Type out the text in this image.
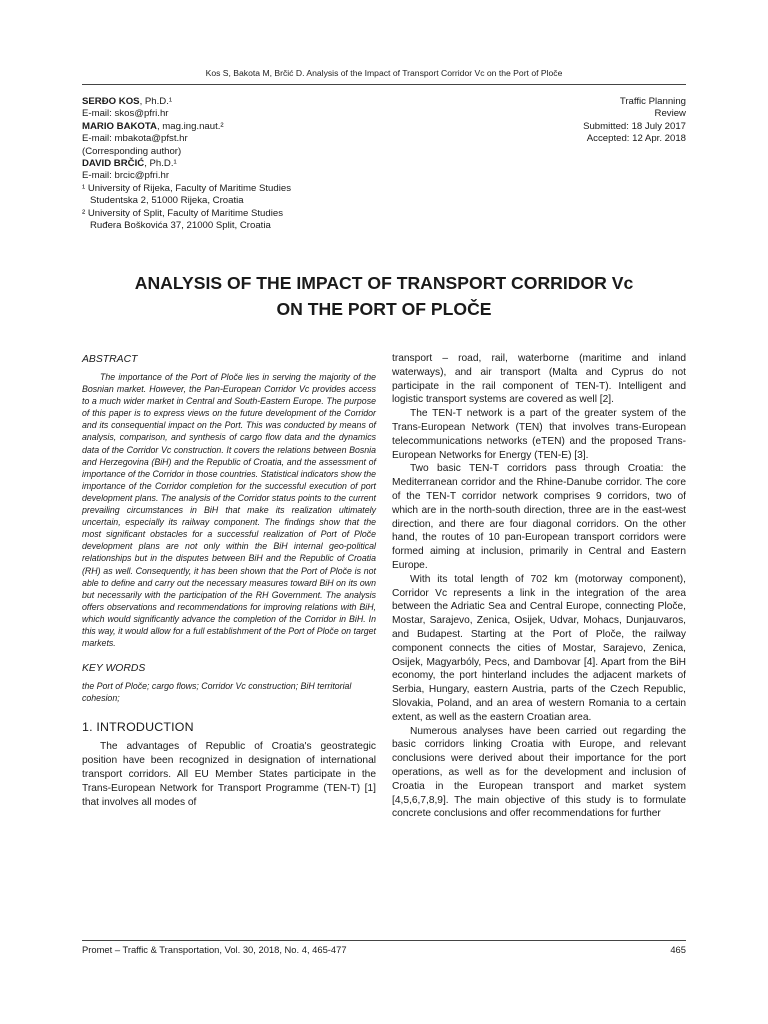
Kos S, Bakota M, Brčić D. Analysis of the Impact of Transport Corridor Vc on the Port of Ploče
SERĐO KOS, Ph.D.¹
E-mail: skos@pfri.hr
MARIO BAKOTA, mag.ing.naut.²
E-mail: mbakota@pfst.hr
(Corresponding author)
DAVID BRČIĆ, Ph.D.¹
E-mail: brcic@pfri.hr
¹ University of Rijeka, Faculty of Maritime Studies
Studentska 2, 51000 Rijeka, Croatia
² University of Split, Faculty of Maritime Studies
Ruđera Boškovića 37, 21000 Split, Croatia
Traffic Planning
Review
Submitted: 18 July 2017
Accepted: 12 Apr. 2018
ANALYSIS OF THE IMPACT OF TRANSPORT CORRIDOR Vc
ON THE PORT OF PLOČE
ABSTRACT

The importance of the Port of Ploče lies in serving the majority of the Bosnian market. However, the Pan-European Corridor Vc provides access to a much wider market in Central and South-Eastern Europe. The purpose of this paper is to express views on the future development of the Corridor and its consequential impact on the Port. This was conducted by means of analysis, comparison, and synthesis of cargo flow data and the dynamics data of the Corridor Vc construction. It covers the relations between Bosnia and Herzegovina (BiH) and the Republic of Croatia, and the assessment of importance of the Corridor in those countries. Statistical indicators show the importance of the Corridor completion for the successful execution of port development plans. The analysis of the Corridor status points to the current prevailing circumstances in BiH that make its realization ultimately uncertain, especially its railway component. The findings show that the most significant obstacles for a successful realization of Port of Ploče development plans are not only within the BiH internal geo-political relationships but in the disputes between BiH and the Republic of Croatia (RH) as well. Consequently, it has been shown that the Port of Ploče is not able to define and carry out the necessary measures toward BiH on its own but necessarily with the participation of the RH Government. The analysis offers observations and recommendations for improving relations with BiH, which would significantly advance the completion of the Corridor in BiH. In this way, it would allow for a full establishment of the Port of Ploče on target markets.

KEY WORDS

the Port of Ploče; cargo flows; Corridor Vc construction; BiH territorial cohesion;

1. INTRODUCTION

The advantages of Republic of Croatia's geostrategic position have been recognized in designation of international transport corridors. All EU Member States participate in the Trans-European Network for Transport Programme (TEN-T) [1] that involves all modes of

transport – road, rail, waterborne (maritime and inland waterways), and air transport (Malta and Cyprus do not participate in the rail component of TEN-T). Intelligent and logistic transport systems are covered as well [2].

The TEN-T network is a part of the greater system of the Trans-European Network (TEN) that involves trans-European telecommunications networks (eTEN) and the proposed Trans-European Networks for Energy (TEN-E) [3].

Two basic TEN-T corridors pass through Croatia: the Mediterranean corridor and the Rhine-Danube corridor. The core of the TEN-T corridor network comprises 9 corridors, two of which are in the north-south direction, three are in the east-west direction, and there are four diagonal corridors. On the other hand, the routes of 10 pan-European transport corridors were formed aiming at inclusion, primarily in Central and Eastern Europe.

With its total length of 702 km (motorway component), Corridor Vc represents a link in the integration of the area between the Adriatic Sea and Central Europe, connecting Ploče, Mostar, Sarajevo, Zenica, Osijek, Udvar, Mohacs, Dunjauvaros, and Budapest. Starting at the Port of Ploče, the railway component connects the cities of Mostar, Sarajevo, Zenica, Osijek, Magyarbóly, Pecs, and Dambovar [4]. Apart from the BiH economy, the port hinterland includes the adjacent markets of Serbia, Hungary, eastern Austria, parts of the Czech Republic, Slovakia, Poland, and an area of western Romania to a certain extent, as well as the eastern Croatian area.

Numerous analyses have been carried out regarding the basic corridors linking Croatia with Europe, and relevant conclusions were derived about their importance for the port operations, as well as for the development and inclusion of Croatia in the European transport and market system [4,5,6,7,8,9]. The main objective of this study is to formulate concrete conclusions and offer recommendations for further

Promet – Traffic & Transportation, Vol. 30, 2018, No. 4, 465-477	465
